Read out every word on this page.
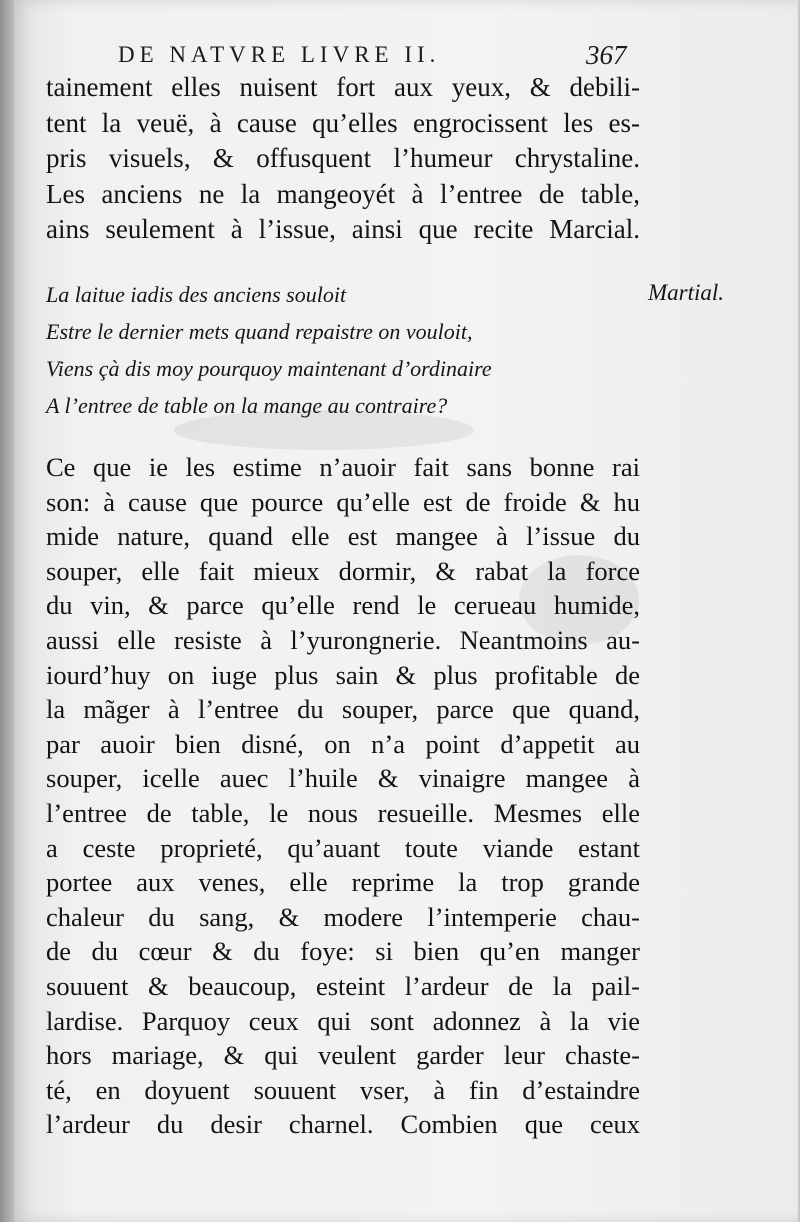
DE NATVRE LIVRE II.	367
tainement elles nuisent fort aux yeux, & debili-
tent la veuë, à cause qu’elles engrocissent les es-
pris visuels, & offusquent l’humeur chrystaline.
Les anciens ne la mangeoyét à l’entree de table,
ains seulement à l’issue, ainsi que recite Marcial.
La laitue iadis des anciens souloit
Estre le dernier mets quand repaistre on vouloit,
Viens çà dis moy pourquoy maintenant d’ordinaire
A l’entree de table on la mange au contraire?
Martial.
Ce que ie les estime n’auoir fait sans bonne rai
son: à cause que pource qu’elle est de froide & hu
mide nature, quand elle est mangee à l’issue du
souper, elle fait mieux dormir, & rabat la force
du vin, & parce qu’elle rend le cerueau humide,
aussi elle resiste à l’yurongnerie. Neantmoins au-
iourd’huy on iuge plus sain & plus profitable de
la mãger à l’entree du souper, parce que quand,
par auoir bien disné, on n’a point d’appetit au
souper, icelle auec l’huile & vinaigre mangee à
l’entree de table, le nous resueille. Mesmes elle
a ceste proprieté, qu’auant toute viande estant
portee aux venes, elle reprime la trop grande
chaleur du sang, & modere l’intemperie chau-
de du cœur & du foye: si bien qu’en manger
souuent & beaucoup, esteint l’ardeur de la pail-
lardise. Parquoy ceux qui sont adonnez à la vie
hors mariage, & qui veulent garder leur chaste-
té, en doyuent souuent vser, à fin d’estaindre
l’ardeur du desir charnel. Combien que ceux
